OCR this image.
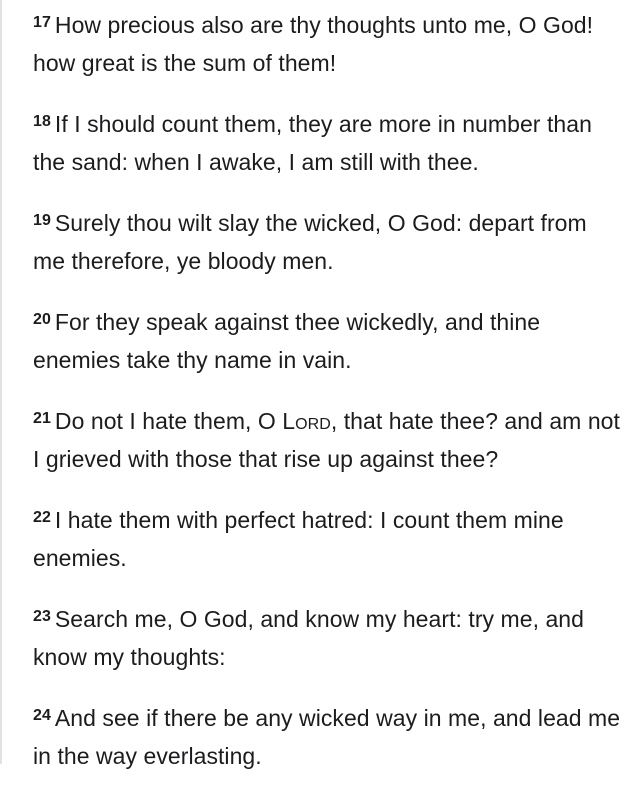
$^{17}$ How precious also are thy thoughts unto me, O God! how great is the sum of them!

$^{18}$ If I should count them, they are more in number than the sand: when I awake, I am still with thee.

$^{19}$ Surely thou wilt slay the wicked, O God: depart from me therefore, ye bloody men.

$^{20}$ For they speak against thee wickedly, and thine enemies take thy name in vain.

$^{21}$ Do not I hate them, O Lord, that hate thee? and am not I grieved with those that rise up against thee?

$^{22}$ I hate them with perfect hatred: I count them mine enemies.

$^{23}$ Search me, O God, and know my heart: try me, and know my thoughts:

$^{24}$ And see if there be any wicked way in me, and lead me in the way everlasting.
